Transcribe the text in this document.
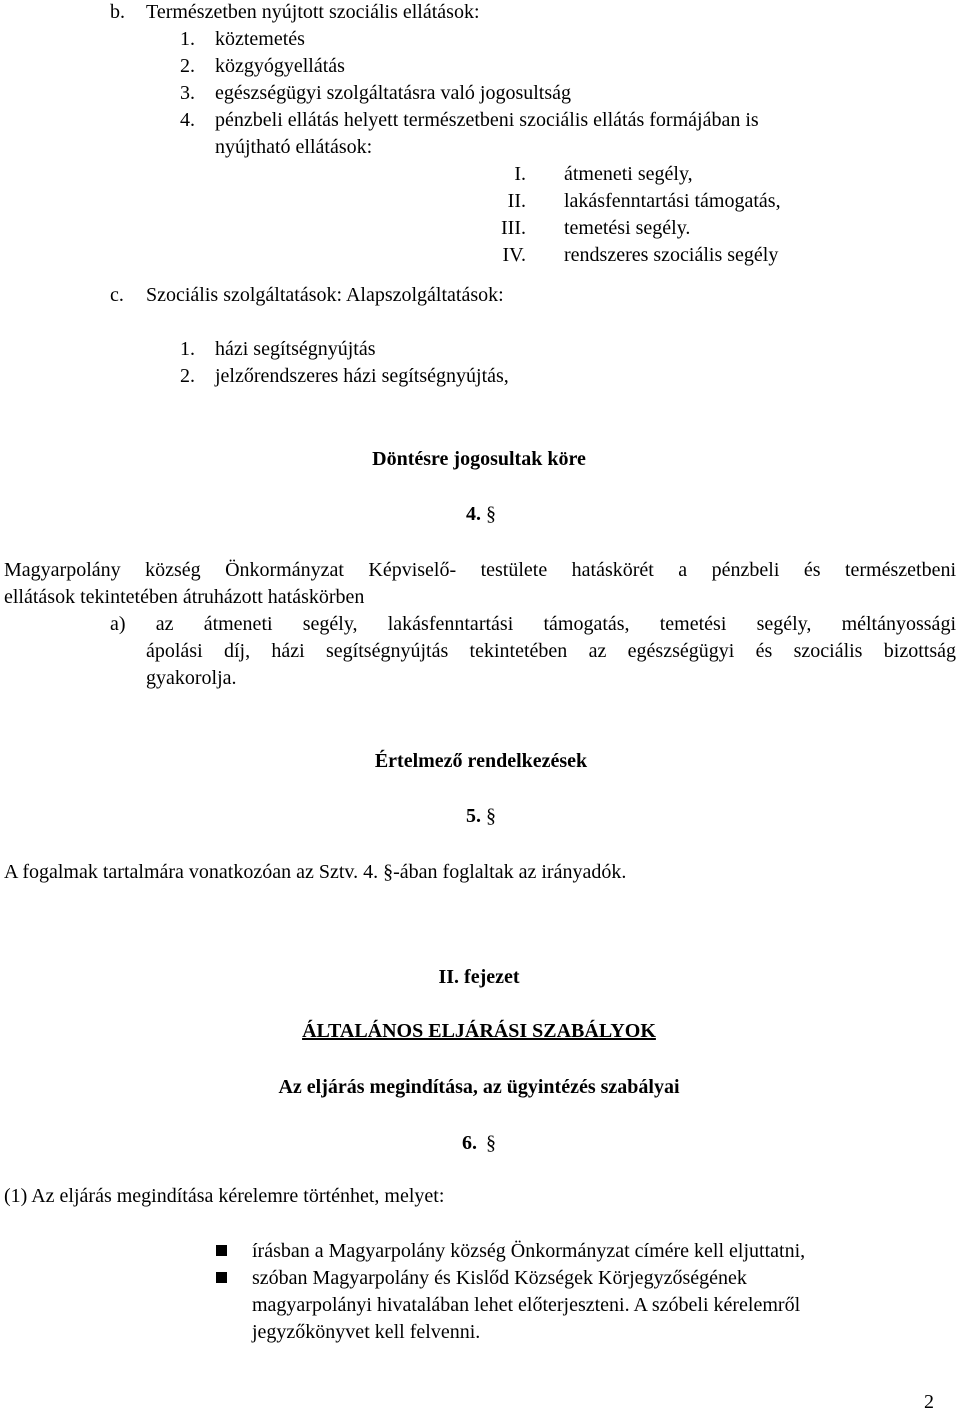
b. Természetben nyújtott szociális ellátások:
1. köztemetés
2. közgyógyellátás
3. egészségügyi szolgáltatásra való jogosultság
4. pénzbeli ellátás helyett természetbeni szociális ellátás formájában is
nyújtható ellátások:
I. átmeneti segély,
II. lakásfenntartási támogatás,
III. temetési segély.
IV. rendszeres szociális segély
c. Szociális szolgáltatások: Alapszolgáltatások:
1. házi segítségnyújtás
2. jelzőrendszeres házi segítségnyújtás,
Döntésre jogosultak köre
4. §
Magyarpolány község Önkormányzat Képviselő- testülete hatáskörét a pénzbeli és természetbeni
ellátások tekintetében átruházott hatáskörben
a) az átmeneti segély, lakásfenntartási támogatás, temetési segély, méltányossági
ápolási díj, házi segítségnyújtás tekintetében az egészségügyi és szociális bizottság
gyakorolja.
Értelmező rendelkezések
5. §
A fogalmak tartalmára vonatkozóan az Sztv. 4. §-ában foglaltak az irányadók.
II. fejezet
ÁLTALÁNOS ELJÁRÁSI SZABÁLYOK
Az eljárás megindítása, az ügyintézés szabályai
6. §
(1) Az eljárás megindítása kérelemre történhet, melyet:
írásban a Magyarpolány község Önkormányzat címére kell eljuttatni,
szóban Magyarpolány és Kislőd Községek Körjegyzőségének
magyarpolányi hivatalában lehet előterjeszteni. A szóbeli kérelemről
jegyzőkönyvet kell felvenni.
2
